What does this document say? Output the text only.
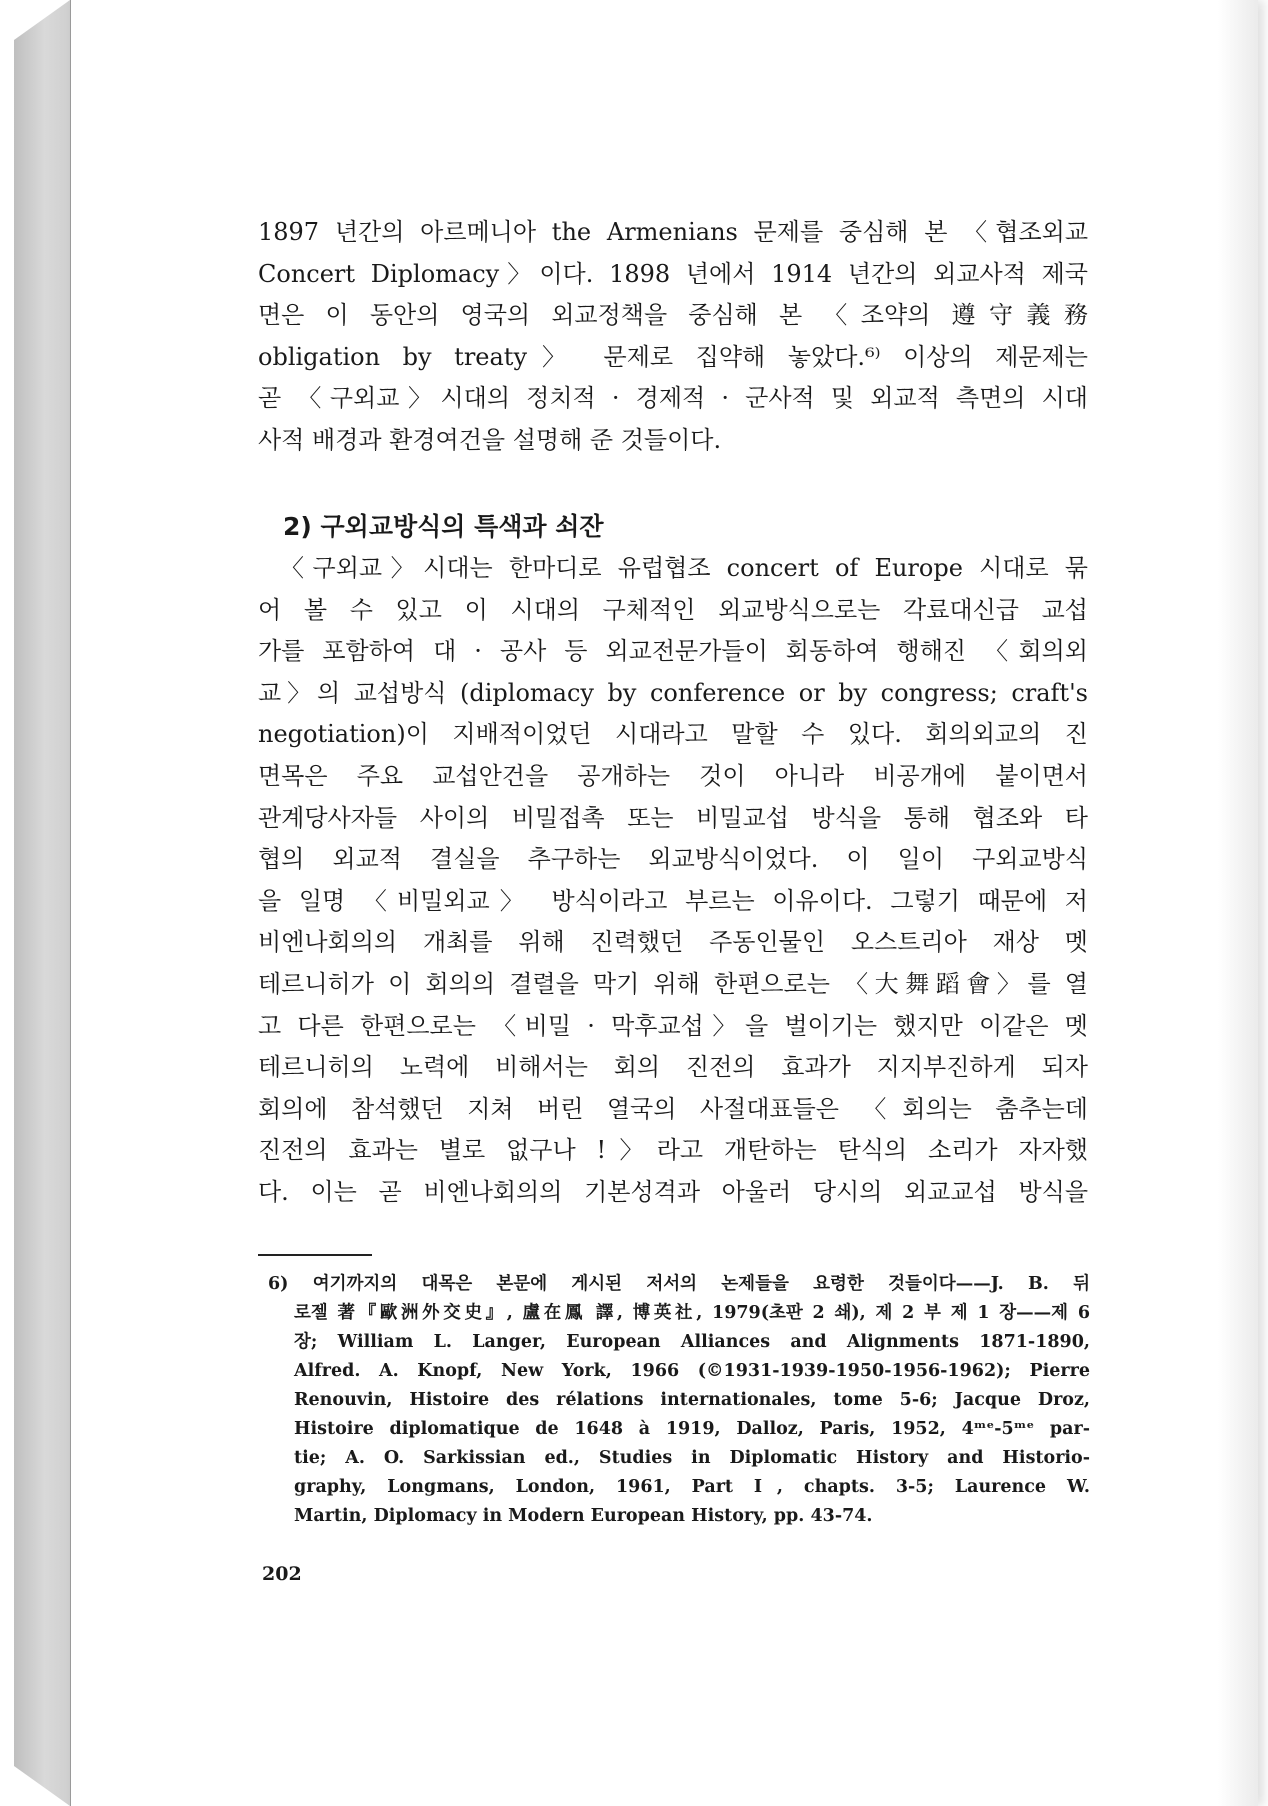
1897 년간의 아르메니아 the Armenians 문제를 중심해 본 〈협조외교
Concert Diplomacy〉이다. 1898 년에서 1914 년간의 외교사적 제국
면은 이 동안의 영국의 외교정책을 중심해 본 〈조약의 遵守義務
obligation by treaty〉 문제로 집약해 놓았다.⁶⁾ 이상의 제문제는
곧 〈구외교〉시대의 정치적 · 경제적 · 군사적 및 외교적 측면의 시대
사적 배경과 환경여건을 설명해 준 것들이다.
2) 구외교방식의 특색과 쇠잔
〈구외교〉시대는 한마디로 유럽협조 concert of Europe 시대로 묶
어 볼 수 있고 이 시대의 구체적인 외교방식으로는 각료대신급 교섭
가를 포함하여 대 · 공사 등 외교전문가들이 회동하여 행해진 〈회의외
교〉의 교섭방식 (diplomacy by conference or by congress; craft's
negotiation)이 지배적이었던 시대라고 말할 수 있다. 회의외교의 진
면목은 주요 교섭안건을 공개하는 것이 아니라 비공개에 붙이면서
관계당사자들 사이의 비밀접촉 또는 비밀교섭 방식을 통해 협조와 타
협의 외교적 결실을 추구하는 외교방식이었다. 이 일이 구외교방식
을 일명 〈비밀외교〉 방식이라고 부르는 이유이다. 그렇기 때문에 저
비엔나회의의 개최를 위해 진력했던 주동인물인 오스트리아 재상 멧
테르니히가 이 회의의 결렬을 막기 위해 한편으로는 〈大舞蹈會〉를 열
고 다른 한편으로는 〈비밀 · 막후교섭〉을 벌이기는 했지만 이같은 멧
테르니히의 노력에 비해서는 회의 진전의 효과가 지지부진하게 되자
회의에 참석했던 지쳐 버린 열국의 사절대표들은 〈회의는 춤추는데
진전의 효과는 별로 없구나 !〉라고 개탄하는 탄식의 소리가 자자했
다. 이는 곧 비엔나회의의 기본성격과 아울러 당시의 외교교섭 방식을
6) 여기까지의 대목은 본문에 게시된 저서의 논제들을 요령한 것들이다——J. B. 뒤
로젤 著『歐洲外交史』, 盧在鳳 譯, 博英社, 1979(초판 2 쇄), 제 2 부 제 1 장——제 6
장; William L. Langer, European Alliances and Alignments 1871-1890,
Alfred. A. Knopf, New York, 1966 (©1931-1939-1950-1956-1962); Pierre
Renouvin, Histoire des rélations internationales, tome 5-6; Jacque Droz,
Histoire diplomatique de 1648 à 1919, Dalloz, Paris, 1952, 4ᵐᵉ-5ᵐᵉ par-
tie; A. O. Sarkissian ed., Studies in Diplomatic History and Historio-
graphy, Longmans, London, 1961, Part Ⅰ, chapts. 3-5; Laurence W.
Martin, Diplomacy in Modern European History, pp. 43-74.
202
